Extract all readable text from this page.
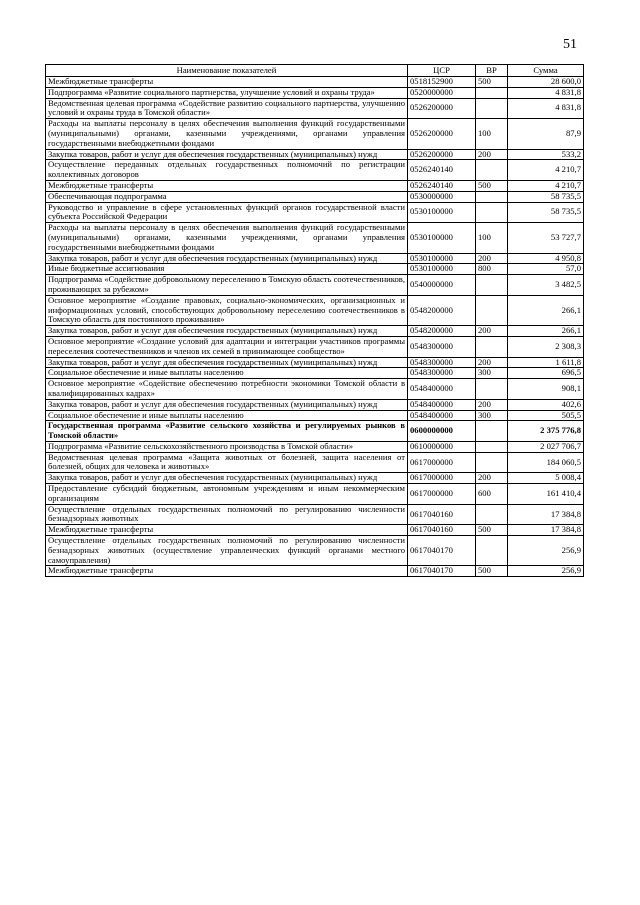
51
Наименование показателей	ЦСР	ВР	Сумма
Межбюджетные трансферты	0518152900	500	28 600,0
Подпрограмма «Развитие социального партнерства, улучшение условий и охраны труда»	0520000000		4 831,8
Ведомственная целевая программа «Содействие развитию социального партнерства, улучшению условий и охраны труда в Томской области»	0526200000		4 831,8
Расходы на выплаты персоналу в целях обеспечения выполнения функций государственными (муниципальными) органами, казенными учреждениями, органами управления государственными внебюджетными фондами	0526200000	100	87,9
Закупка товаров, работ и услуг для обеспечения государственных (муниципальных) нужд	0526200000	200	533,2
Осуществление переданных отдельных государственных полномочий по регистрации коллективных договоров	0526240140		4 210,7
Межбюджетные трансферты	0526240140	500	4 210,7
Обеспечивающая подпрограмма	0530000000		58 735,5
Руководство и управление в сфере установленных функций органов государственной власти субъекта Российской Федерации	0530100000		58 735,5
Расходы на выплаты персоналу в целях обеспечения выполнения функций государственными (муниципальными) органами, казенными учреждениями, органами управления государственными внебюджетными фондами	0530100000	100	53 727,7
Закупка товаров, работ и услуг для обеспечения государственных (муниципальных) нужд	0530100000	200	4 950,8
Иные бюджетные ассигнования	0530100000	800	57,0
Подпрограмма «Содействие добровольному переселению в Томскую область соотечественников, проживающих за рубежом»	0540000000		3 482,5
Основное мероприятие «Создание правовых, социально-экономических, организационных и информационных условий, способствующих добровольному переселению соотечественников в Томскую область для постоянного проживания»	0548200000		266,1
Закупка товаров, работ и услуг для обеспечения государственных (муниципальных) нужд	0548200000	200	266,1
Основное мероприятие «Создание условий для адаптации и интеграции участников программы переселения соотечественников и членов их семей в принимающее сообщество»	0548300000		2 308,3
Закупка товаров, работ и услуг для обеспечения государственных (муниципальных) нужд	0548300000	200	1 611,8
Социальное обеспечение и иные выплаты населению	0548300000	300	696,5
Основное мероприятие «Содействие обеспечению потребности экономики Томской области в квалифицированных кадрах»	0548400000		908,1
Закупка товаров, работ и услуг для обеспечения государственных (муниципальных) нужд	0548400000	200	402,6
Социальное обеспечение и иные выплаты населению	0548400000	300	505,5
Государственная программа «Развитие сельского хозяйства и регулируемых рынков в Томской области»	0600000000		2 375 776,8
Подпрограмма «Развитие сельскохозяйственного производства в Томской области»	0610000000		2 027 706,7
Ведомственная целевая программа «Защита животных от болезней, защита населения от болезней, общих для человека и животных»	0617000000		184 060,5
Закупка товаров, работ и услуг для обеспечения государственных (муниципальных) нужд	0617000000	200	5 008,4
Предоставление субсидий бюджетным, автономным учреждениям и иным некоммерческим организациям	0617000000	600	161 410,4
Осуществление отдельных государственных полномочий по регулированию численности безнадзорных животных	0617040160		17 384,8
Межбюджетные трансферты	0617040160	500	17 384,8
Осуществление отдельных государственных полномочий по регулированию численности безнадзорных животных (осуществление управленческих функций органами местного самоуправления)	0617040170		256,9
Межбюджетные трансферты	0617040170	500	256,9
